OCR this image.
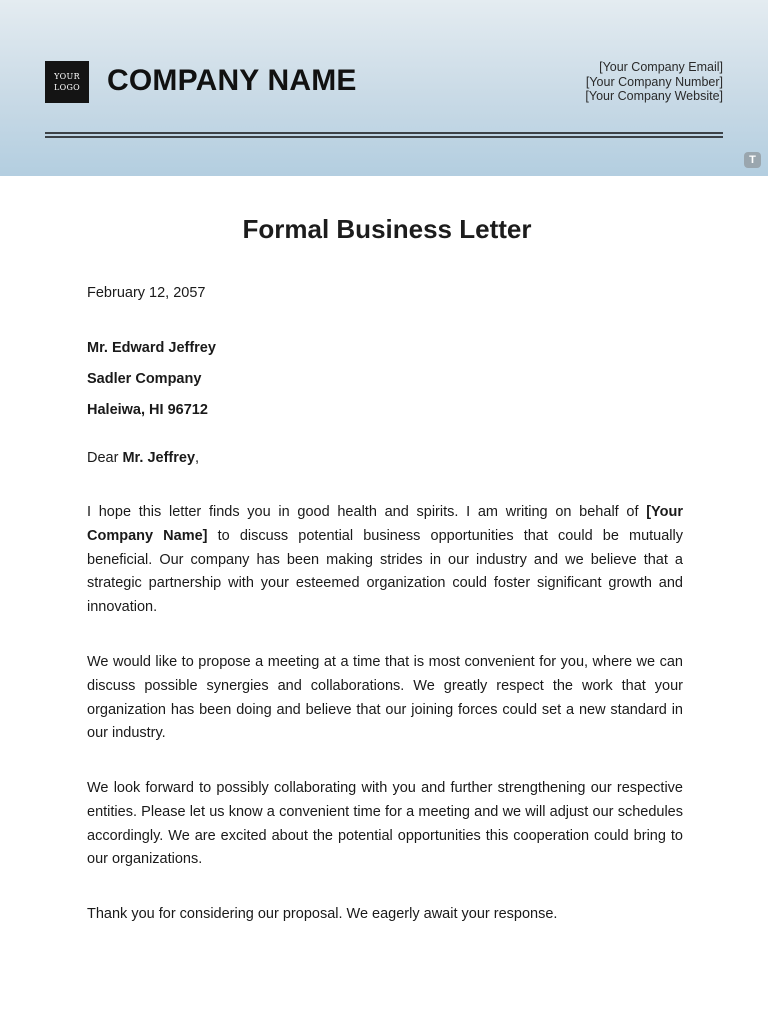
YOUR
LOGO COMPANY NAME	[Your Company Email]
[Your Company Number]
[Your Company Website]
T
Formal Business Letter
February 12, 2057
Mr. Edward Jeffrey
Sadler Company
Haleiwa, HI 96712
Dear Mr. Jeffrey,
I hope this letter finds you in good health and spirits. I am writing on behalf of [Your Company Name] to discuss potential business opportunities that could be mutually beneficial. Our company has been making strides in our industry and we believe that a strategic partnership with your esteemed organization could foster significant growth and innovation.
We would like to propose a meeting at a time that is most convenient for you, where we can discuss possible synergies and collaborations. We greatly respect the work that your organization has been doing and believe that our joining forces could set a new standard in our industry.
We look forward to possibly collaborating with you and further strengthening our respective entities. Please let us know a convenient time for a meeting and we will adjust our schedules accordingly. We are excited about the potential opportunities this cooperation could bring to our organizations.
Thank you for considering our proposal. We eagerly await your response.
